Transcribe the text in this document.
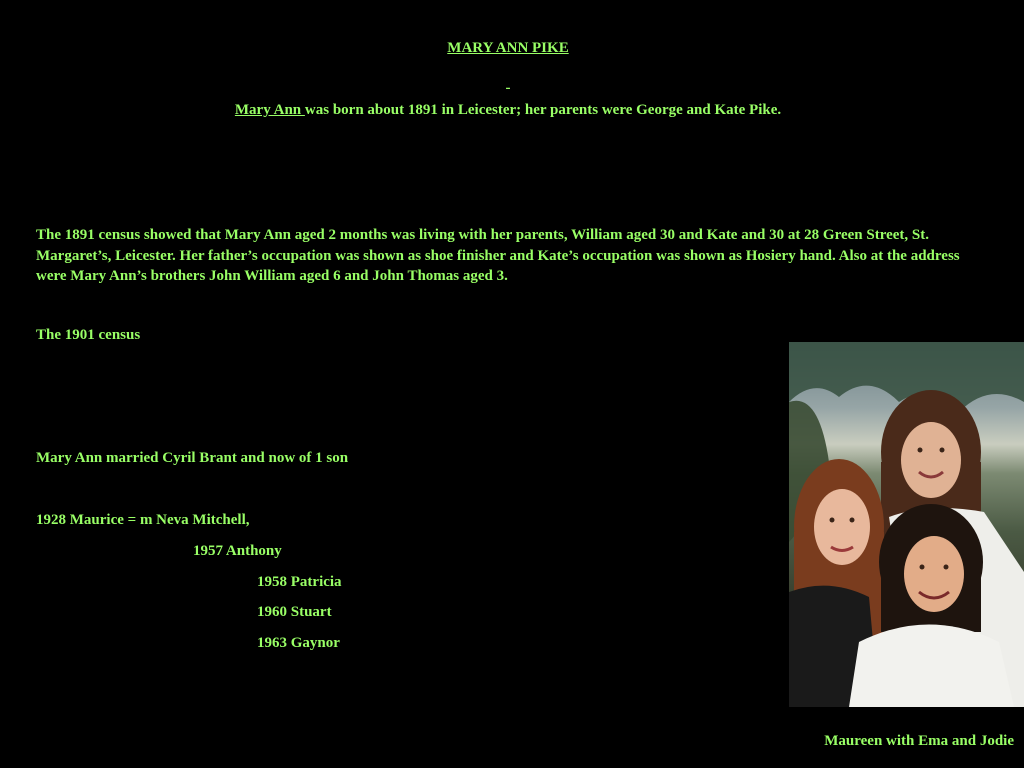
MARY ANN PIKE
-
Mary Ann was born about 1891 in Leicester; her parents were George and Kate Pike.
The 1891 census showed that Mary Ann aged 2 months was living with her parents, William aged 30 and Kate and 30 at 28 Green Street, St. Margaret’s, Leicester. Her father’s occupation was shown as shoe finisher and Kate’s occupation was shown as Hosiery hand. Also at the address were Mary Ann’s brothers John William aged 6 and John Thomas aged 3.
The 1901 census
Mary Ann married Cyril Brant and now of 1 son
1928 Maurice = m Neva Mitchell,
1957 Anthony
1958 Patricia
1960 Stuart
1963 Gaynor
Maureen with Ema and Jodie
